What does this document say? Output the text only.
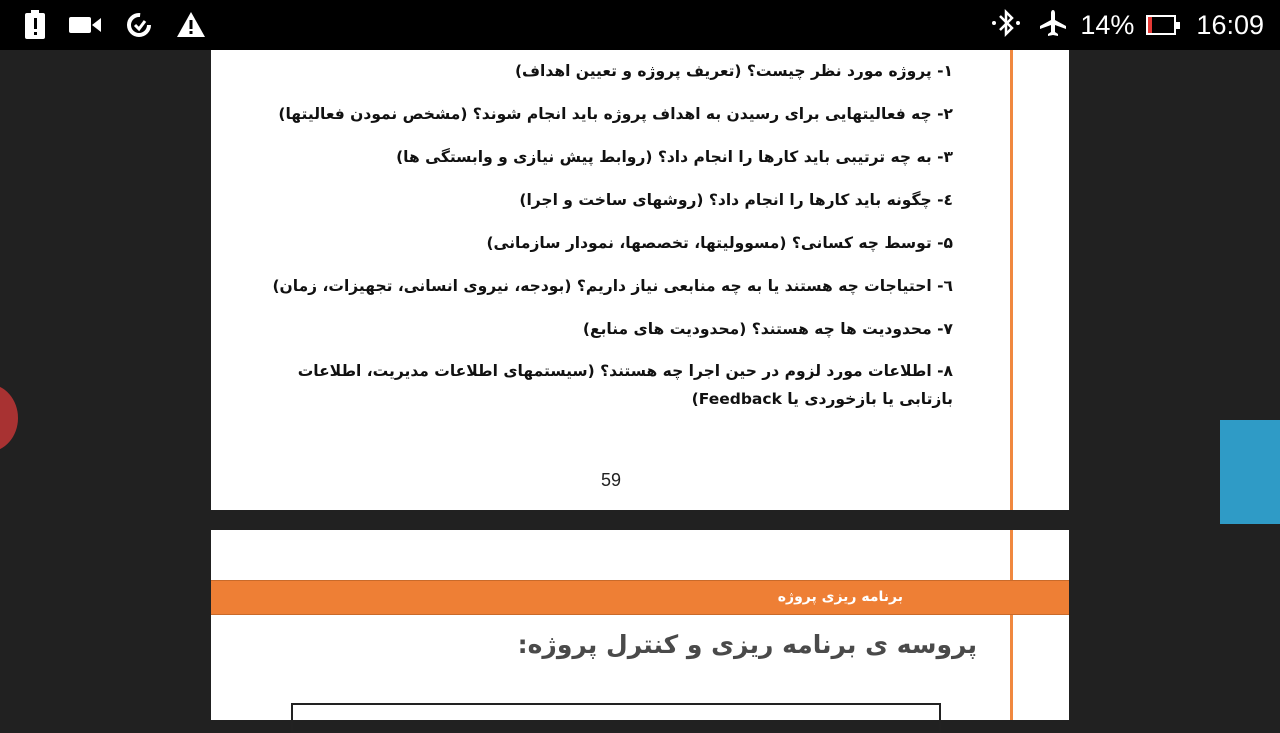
14% 16:09
۱- پروژه مورد نظر چیست؟ (تعریف پروژه و تعیین اهداف)
۲- چه فعالیتهایی برای رسیدن به اهداف پروژه باید انجام شوند؟ (مشخص نمودن فعالیتها)
۳- به چه ترتیبی باید کارها را انجام داد؟ (روابط پیش نیازی و وابستگی ها)
٤- چگونه باید کارها را انجام داد؟ (روشهای ساخت و اجرا)
۵- توسط چه کسانی؟ (مسوولیتها، تخصصها، نمودار سازمانی)
٦- احتیاجات چه هستند یا به چه منابعی نیاز داریم؟ (بودجه، نیروی انسانی، تجهیزات، زمان)
۷- محدودیت ها چه هستند؟ (محدودیت های منابع)
۸- اطلاعات مورد لزوم در حین اجرا چه هستند؟ (سیستمهای اطلاعات مدیریت، اطلاعات بازتابی یا بازخوردی یا Feedback)
59
برنامه ریزی پروژه
پروسه ی برنامه ریزی و کنترل پروژه:
